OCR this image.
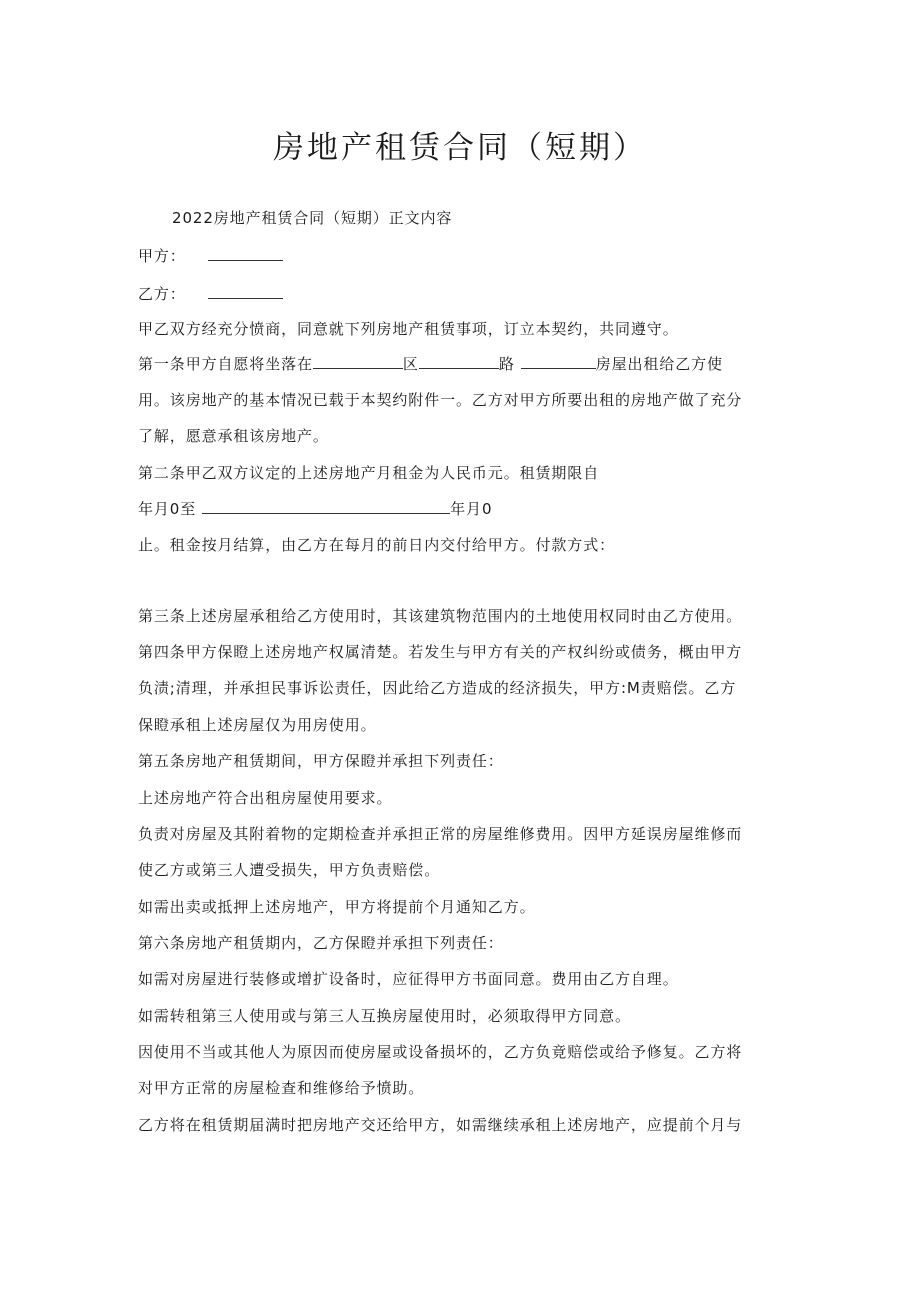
房地产租赁合同（短期）
2022房地产租赁合同（短期）正文内容
甲方：
乙方：
甲乙双方经充分愤商，同意就下列房地产租赁事项，订立本契约，共同遵守。
第一条甲方自愿将坐落在	区	路	房屋出租给乙方使
用。该房地产的基本情况已载于本契约附件一。乙方对甲方所要出租的房地产做了充分
了解，愿意承租该房地产。
第二条甲乙双方议定的上述房地产月租金为人民币元。租赁期限自
年月0至	年月0
止。租金按月结算，由乙方在每月的前日内交付给甲方。付款方式：
第三条上述房屋承租给乙方使用时，其该建筑物范围内的土地使用权同时由乙方使用。
第四条甲方保瞪上述房地产权属清楚。若发生与甲方有关的产权纠纷或债务，概由甲方
负渍;清理，并承担民事诉讼责任，因此给乙方造成的经济损失，甲方:M责赔偿。乙方
保瞪承租上述房屋仅为用房使用。
第五条房地产租赁期间，甲方保瞪并承担下列责任：
上述房地产符合出租房屋使用要求。
负责对房屋及其附着物的定期检查并承担正常的房屋维修费用。因甲方延误房屋维修而
使乙方或第三人遭受损失，甲方负责赔偿。
如需出卖或抵押上述房地产，甲方将提前个月通知乙方。
第六条房地产租赁期内，乙方保瞪并承担下列责任：
如需对房屋进行装修或增扩设备时，应征得甲方书面同意。费用由乙方自理。
如需转租第三人使用或与第三人互换房屋使用时，必须取得甲方同意。
因使用不当或其他人为原因而使房屋或设备损坏的，乙方负竟赔偿或给予修复。乙方将
对甲方正常的房屋检查和维修给予愤助。
乙方将在租赁期届满时把房地产交还给甲方，如需继续承租上述房地产，应提前个月与
